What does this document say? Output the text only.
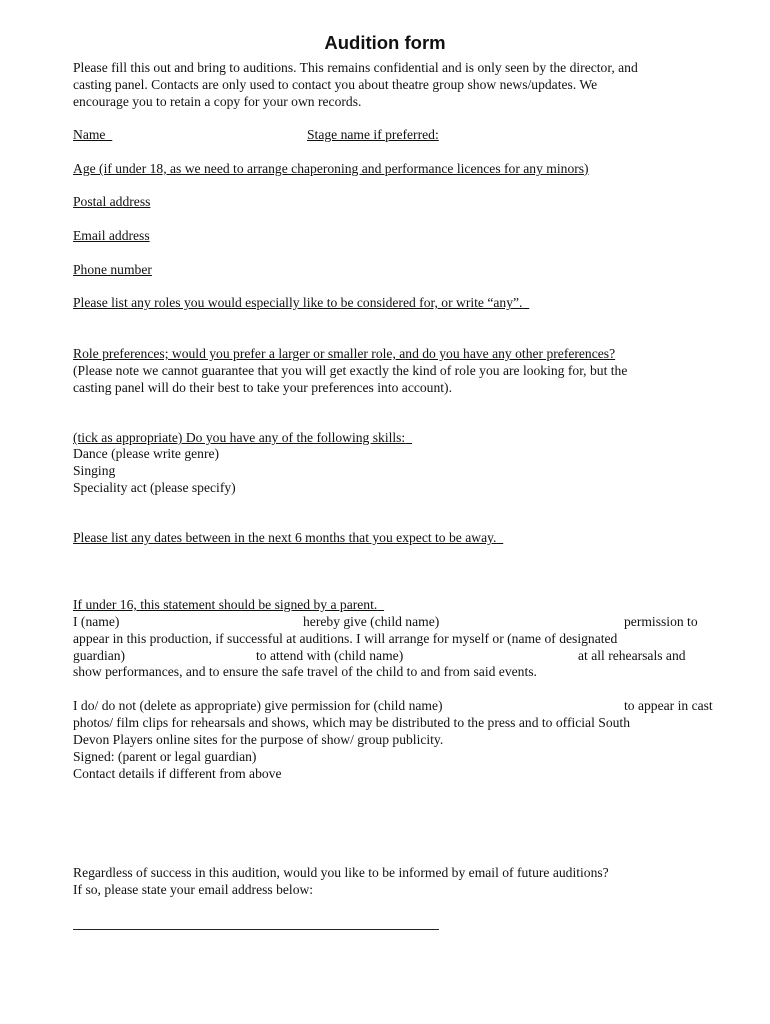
Audition form
Please fill this out and bring to auditions. This remains confidential and is only seen by the director, and
casting panel. Contacts are only used to contact you about theatre group show news/updates. We
encourage you to retain a copy for your own records.
Name	Stage name if preferred:
Age (if under 18, as we need to arrange chaperoning and performance licences for any minors)
Postal address
Email address
Phone number
Please list any roles you would especially like to be considered for, or write “any”.
Role preferences; would you prefer a larger or smaller role, and do you have any other preferences?
(Please note we cannot guarantee that you will get exactly the kind of role you are looking for, but the
casting panel will do their best to take your preferences into account).
(tick as appropriate) Do you have any of the following skills:
Dance (please write genre)
Singing
Speciality act (please specify)
Please list any dates between in the next 6 months that you expect to be away.
If under 16, this statement should be signed by a parent.
I (name)	hereby give (child name)	permission to
appear in this production, if successful at auditions. I will arrange for myself or (name of designated
guardian)	to attend with (child name)	at all rehearsals and
show performances, and to ensure the safe travel of the child to and from said events.
I do/ do not (delete as appropriate) give permission for (child name)	to appear in cast
photos/ film clips for rehearsals and shows, which may be distributed to the press and to official South
Devon Players online sites for the purpose of show/ group publicity.
Signed: (parent or legal guardian)
Contact details if different from above
Regardless of success in this audition, would you like to be informed by email of future auditions?
If so, please state your email address below:
